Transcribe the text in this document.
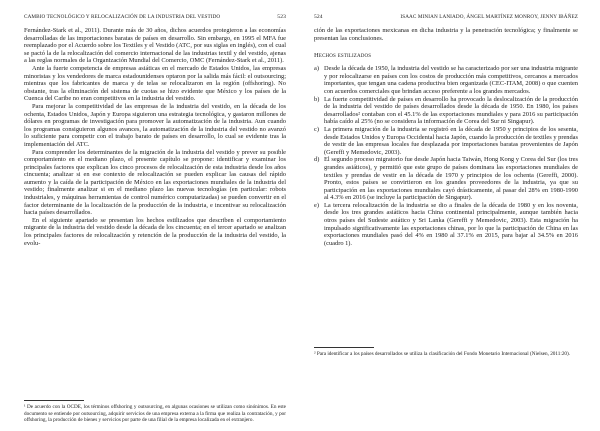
CAMBIO TECNOLÓGICO Y RELOCALIZACIÓN DE LA INDUSTRIA DEL VESTIDO	523

Fernández-Stark et al., 2011). Durante más de 30 años, dichos acuerdos protegieron a las economías desarrolladas de las importaciones baratas de países en desarrollo. Sin embargo, en 1995 el MFA fue reemplazado por el Acuerdo sobre los Textiles y el Vestido (ATC, por sus siglas en inglés), con el cual se pactó la de la relocalización del comercio internacional de las industrias textil y del vestido, ajenas a las reglas normales de la Organización Mundial del Comercio, OMC (Fernández-Stark et al., 2011).

Ante la fuerte competencia de empresas asiáticas en el mercado de Estados Unidos, las empresas minoristas y los vendedores de marca estadounidenses optaron por la salida más fácil: el outsourcing; mientras que los fabricantes de marca y de telas se relocalizaron en la región (offshoring). No obstante, tras la eliminación del sistema de cuotas se hizo evidente que México y los países de la Cuenca del Caribe no eran competitivos en la industria del vestido.

Para mejorar la competitividad de las empresas de la industria del vestido, en la década de los ochenta, Estados Unidos, Japón y Europa siguieron una estrategia tecnológica, y gastaron millones de dólares en programas de investigación para promover la automatización de la industria. Aun cuando los programas consiguieron algunos avances, la automatización de la industria del vestido no avanzó lo suficiente para competir con el trabajo barato de países en desarrollo, lo cual se evidente tras la implementación del ATC.

Para comprender los determinantes de la migración de la industria del vestido y prever su posible comportamiento en el mediano plazo, el presente capítulo se propone: identificar y examinar los principales factores que explican los cinco procesos de relocalización de esta industria desde los años cincuenta; analizar si en ese contexto de relocalización se pueden explicar las causas del rápido aumento y la caída de la participación de México en las exportaciones mundiales de la industria del vestido; finalmente analizar si en el mediano plazo las nuevas tecnologías (en particular: robots industriales, y máquinas herramientas de control numérico computarizadas) se pueden convertir en el factor determinante de la localización de la producción de la industria, e incentivar su relocalización hacia países desarrollados.

En el siguiente apartado se presentan los hechos estilizados que describen el comportamiento migrante de la industria del vestido desde la década de los cincuenta; en el tercer apartado se analizan los principales factores de relocalización y retención de la producción de la industria del vestido, la evolu-

¹ De acuerdo con la OCDE, los términos offshoring y outsourcing, en algunas ocasiones se utilizan como sinónimos. En este documento se entiende por outsourcing, adquirir servicios de una empresa externa a la firma que realiza la contratación, y por offshoring, la producción de bienes y servicios por parte de una filial de la empresa localizada en el extranjero.
524	ISAAC MINIAN LANIADO, ÁNGEL MARTÍNEZ MONROY, JENNY IBÁÑEZ

ción de las exportaciones mexicanas en dicha industria y la penetración tecnológica; y finalmente se presentan las conclusiones.

Hechos estilizados
a) Desde la década de 1950, la industria del vestido se ha caracterizado por ser una industria migrante y por relocalizarse en países con los costos de producción más competitivos, cercanos a mercados importantes, que tengan una cadena productiva bien organizada (CEC-ITAM, 2008) o que cuenten con acuerdos comerciales que brindan acceso preferente a los grandes mercados.
b) La fuerte competitividad de países en desarrollo ha provocado la deslocalización de la producción de la industria del vestido de países desarrollados desde la década de 1950. En 1980, los países desarrollados² contaban con el 45.1% de las exportaciones mundiales y para 2016 su participación había caído al 25% (no se considera la información de Corea del Sur ni Singapur).
c) La primera migración de la industria se registró en la década de 1950 y principios de los sesenta, desde Estados Unidos y Europa Occidental hacia Japón, cuando la producción de textiles y prendas de vestir de las empresas locales fue desplazada por importaciones baratas provenientes de Japón (Gereffi y Memedovic, 2003).
d) El segundo proceso migratorio fue desde Japón hacia Taiwán, Hong Kong y Corea del Sur (los tres grandes asiáticos), y permitió que este grupo de países dominara las exportaciones mundiales de textiles y prendas de vestir en la década de 1970 y principios de los ochenta (Gereffi, 2000). Pronto, estos países se convirtieron en los grandes proveedores de la industria, ya que su participación en las exportaciones mundiales cayó drásticamente, al pasar del 28% en 1980-1990 al 4.3% en 2016 (se incluye la participación de Singapur).
e) La tercera relocalización de la industria se dio a finales de la década de 1980 y en los noventa, desde los tres grandes asiáticos hacia China continental principalmente, aunque también hacia otros países del Sudeste asiático y Sri Lanka (Gereffi y Memedovic, 2003). Esta migración ha impulsado significativamente las exportaciones chinas, por lo que la participación de China en las exportaciones mundiales pasó del 4% en 1980 al 37.1% en 2015, para bajar al 34.5% en 2016 (cuadro 1).
² Para identificar a los países desarrollados se utiliza la clasificación del Fondo Monetario Internacional (Nielsen, 2011:20).
